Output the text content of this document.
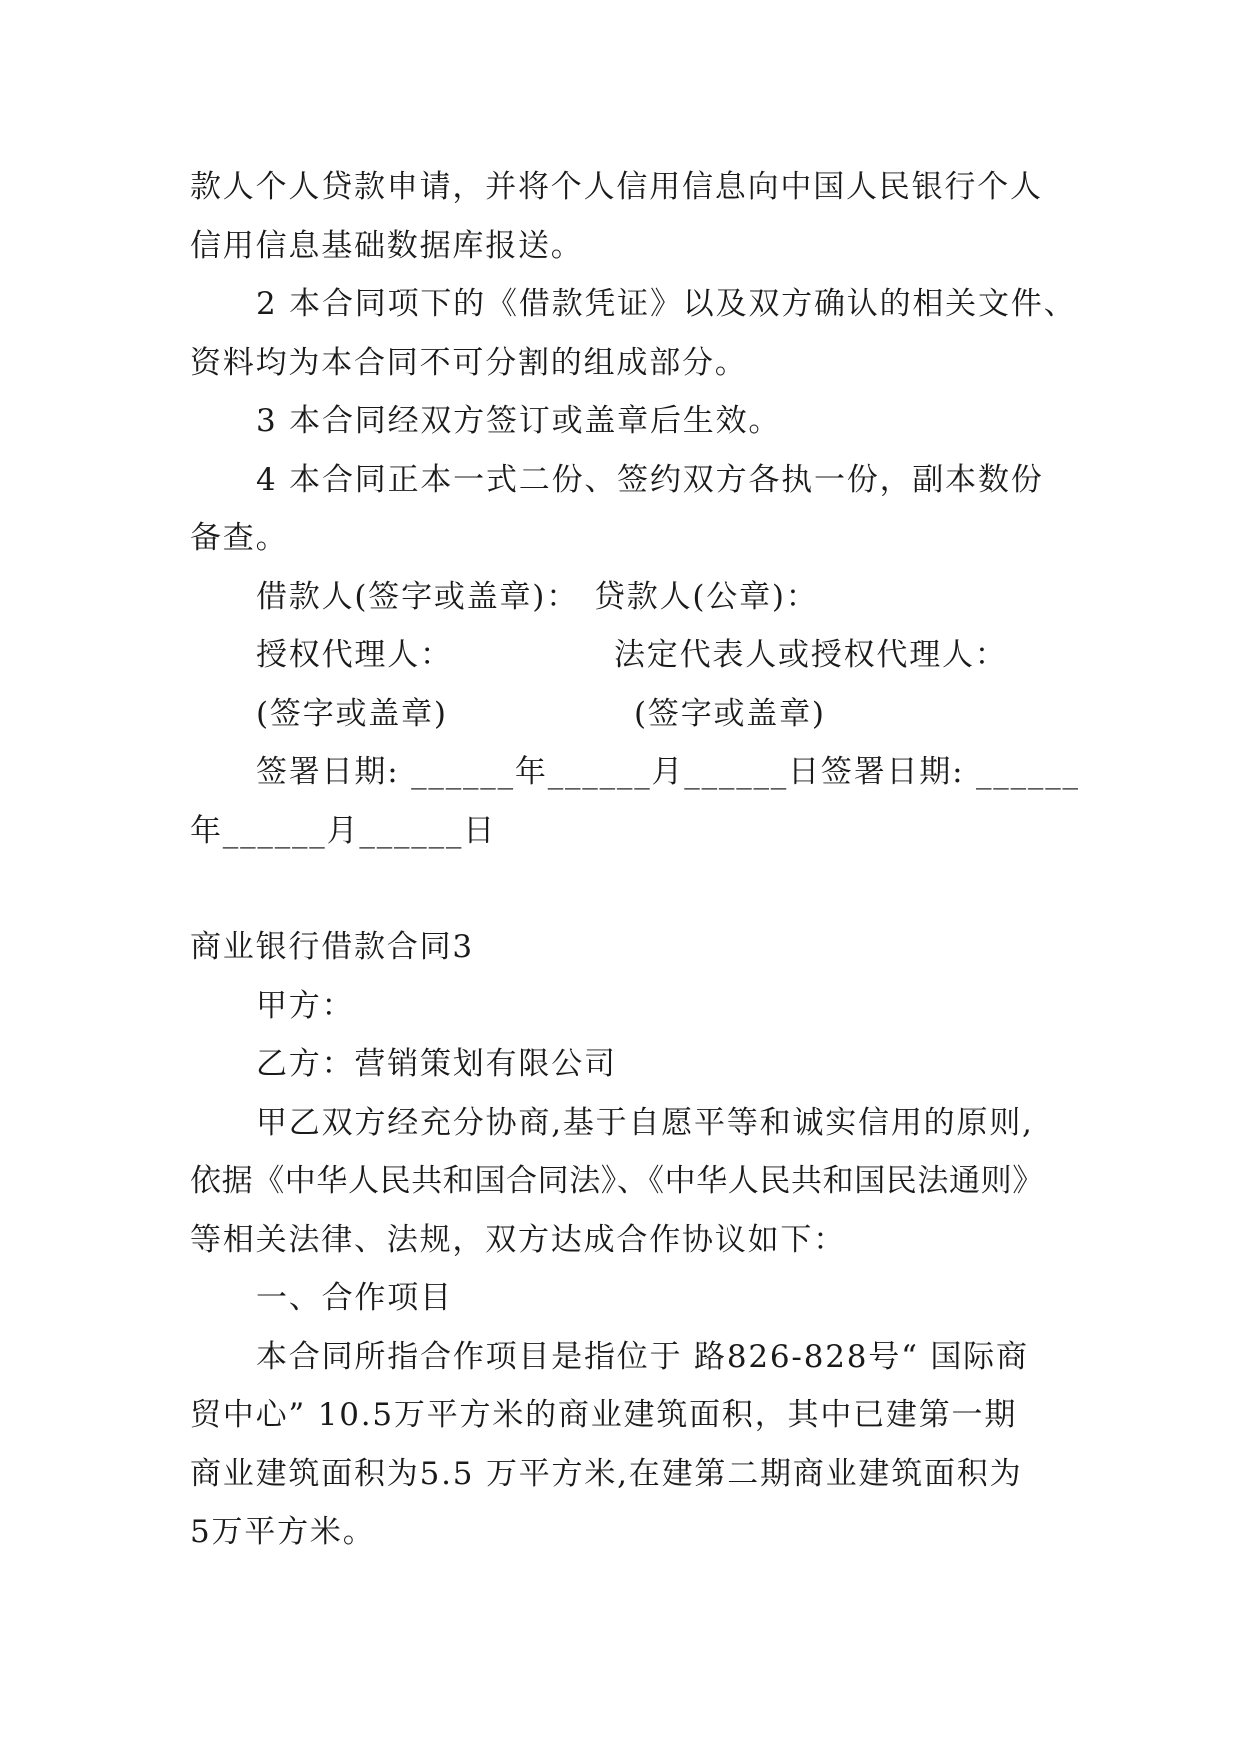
款人个人贷款申请，并将个人信用信息向中国人民银行个人
信用信息基础数据库报送。
2 本合同项下的《借款凭证》以及双方确认的相关文件、
资料均为本合同不可分割的组成部分。
3 本合同经双方签订或盖章后生效。
4 本合同正本一式二份、签约双方各执一份，副本数份
备查。
借款人(签字或盖章)： 贷款人(公章)：
授权代理人：	法定代表人或授权代理人：
(签字或盖章)	(签字或盖章)
签署日期: ______年______月______日签署日期: ______
年______月______日
商业银行借款合同3
甲方：
乙方：营销策划有限公司
甲乙双方经充分协商,基于自愿平等和诚实信用的原则,
依据《中华人民共和国合同法》、《中华人民共和国民法通则》
等相关法律、法规，双方达成合作协议如下：
一、合作项目
本合同所指合作项目是指位于 路826-828号“ 国际商
贸中心” 10.5万平方米的商业建筑面积，其中已建第一期
商业建筑面积为5.5 万平方米,在建第二期商业建筑面积为
5万平方米。
